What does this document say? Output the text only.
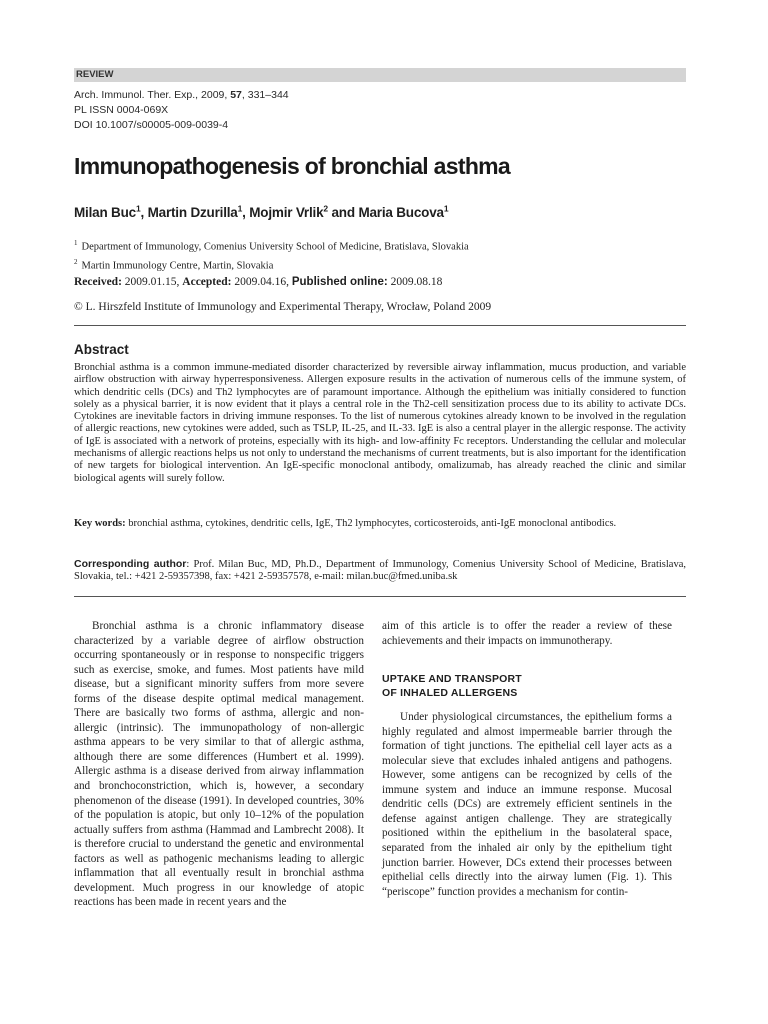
REVIEW
Arch. Immunol. Ther. Exp., 2009, 57, 331–344
PL ISSN 0004-069X
DOI 10.1007/s00005-009-0039-4
Immunopathogenesis of bronchial asthma
Milan Buc$^1$, Martin Dzurilla$^1$, Mojmir Vrlik$^2$ and Maria Bucova$^1$
$^1$ Department of Immunology, Comenius University School of Medicine, Bratislava, Slovakia
$^2$ Martin Immunology Centre, Martin, Slovakia
Received: 2009.01.15, Accepted: 2009.04.16, Published online: 2009.08.18
© L. Hirszfeld Institute of Immunology and Experimental Therapy, Wrocław, Poland 2009
Abstract

Bronchial asthma is a common immune-mediated disorder characterized by reversible airway inflammation, mucus production, and variable airflow obstruction with airway hyperresponsiveness. Allergen exposure results in the activation of numerous cells of the immune system, of which dendritic cells (DCs) and Th2 lymphocytes are of paramount importance. Although the epithelium was initially considered to function solely as a physical barrier, it is now evident that it plays a central role in the Th2-cell sensitization process due to its ability to activate DCs. Cytokines are inevitable factors in driving immune responses. To the list of numerous cytokines already known to be involved in the regulation of allergic reactions, new cytokines were added, such as TSLP, IL-25, and IL-33. IgE is also a central player in the allergic response. The activity of IgE is associated with a network of proteins, especially with its high- and low-affinity Fc receptors. Understanding the cellular and molecular mechanisms of allergic reactions helps us not only to understand the mechanisms of current treatments, but is also important for the identification of new targets for biological intervention. An IgE-specific monoclonal antibody, omalizumab, has already reached the clinic and similar biological agents will surely follow.

Key words: bronchial asthma, cytokines, dendritic cells, IgE, Th2 lymphocytes, corticosteroids, anti-IgE monoclonal antibodics.

Corresponding author: Prof. Milan Buc, MD, Ph.D., Department of Immunology, Comenius University School of Medicine, Bratislava, Slovakia, tel.: +421 2-59357398, fax: +421 2-59357578, e-mail: milan.buc@fmed.uniba.sk

Bronchial asthma is a chronic inflammatory disease characterized by a variable degree of airflow obstruction occurring spontaneously or in response to nonspecific triggers such as exercise, smoke, and fumes. Most patients have mild disease, but a significant minority suffers from more severe forms of the disease despite optimal medical management. There are basically two forms of asthma, allergic and non-allergic (intrinsic). The immunopathology of non-allergic asthma appears to be very similar to that of allergic asthma, although there are some differences (Humbert et al. 1999). Allergic asthma is a disease derived from airway inflammation and bronchoconstriction, which is, however, a secondary phenomenon of the disease (1991). In developed countries, 30% of the population is atopic, but only 10–12% of the population actually suffers from asthma (Hammad and Lambrecht 2008). It is therefore crucial to understand the genetic and environmental factors as well as pathogenic mechanisms leading to allergic inflammation that all eventually result in bronchial asthma development. Much progress in our knowledge of atopic reactions has been made in recent years and the

aim of this article is to offer the reader a review of these achievements and their impacts on immunotherapy.

UPTAKE AND TRANSPORT
OF INHALED ALLERGENS

Under physiological circumstances, the epithelium forms a highly regulated and almost impermeable barrier through the formation of tight junctions. The epithelial cell layer acts as a molecular sieve that excludes inhaled antigens and pathogens. However, some antigens can be recognized by cells of the immune system and induce an immune response. Mucosal dendritic cells (DCs) are extremely efficient sentinels in the defense against antigen challenge. They are strategically positioned within the epithelium in the basolateral space, separated from the inhaled air only by the epithelium tight junction barrier. However, DCs extend their processes between epithelial cells directly into the airway lumen (Fig. 1). This “periscope” function provides a mechanism for contin-
